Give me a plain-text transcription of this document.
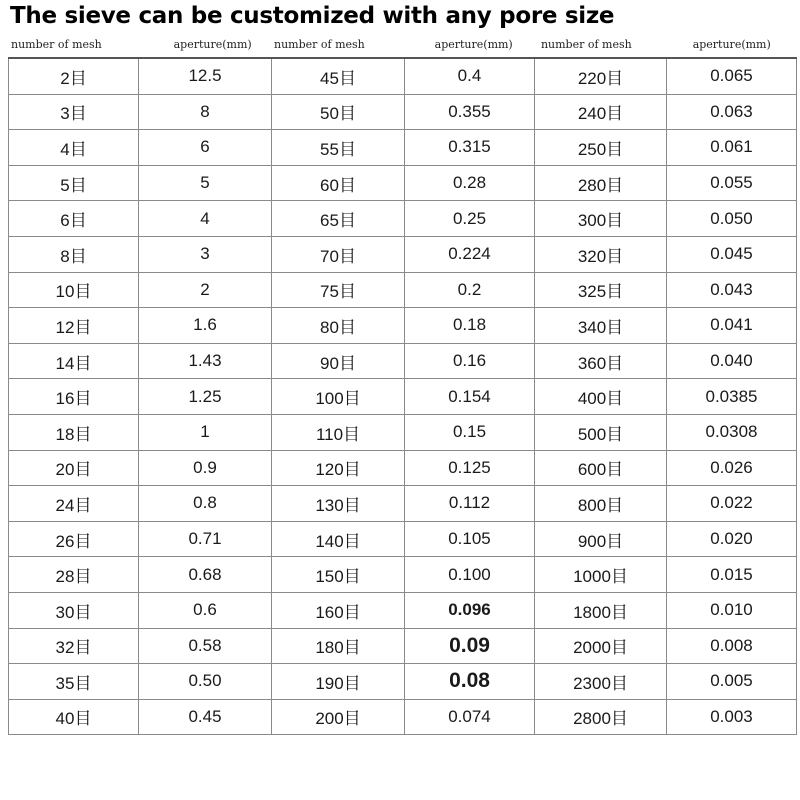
The sieve can be customized with any pore size
number of mesh	aperture(mm)	number of mesh	aperture(mm)	number of mesh	aperture(mm)
2目	12.5	45目	0.4	220目	0.065
3目	8	50目	0.355	240目	0.063
4目	6	55目	0.315	250目	0.061
5目	5	60目	0.28	280目	0.055
6目	4	65目	0.25	300目	0.050
8目	3	70目	0.224	320目	0.045
10目	2	75目	0.2	325目	0.043
12目	1.6	80目	0.18	340目	0.041
14目	1.43	90目	0.16	360目	0.040
16目	1.25	100目	0.154	400目	0.0385
18目	1	110目	0.15	500目	0.0308
20目	0.9	120目	0.125	600目	0.026
24目	0.8	130目	0.112	800目	0.022
26目	0.71	140目	0.105	900目	0.020
28目	0.68	150目	0.100	1000目	0.015
30目	0.6	160目	0.096	1800目	0.010
32目	0.58	180目	0.09	2000目	0.008
35目	0.50	190目	0.08	2300目	0.005
40目	0.45	200目	0.074	2800目	0.003
